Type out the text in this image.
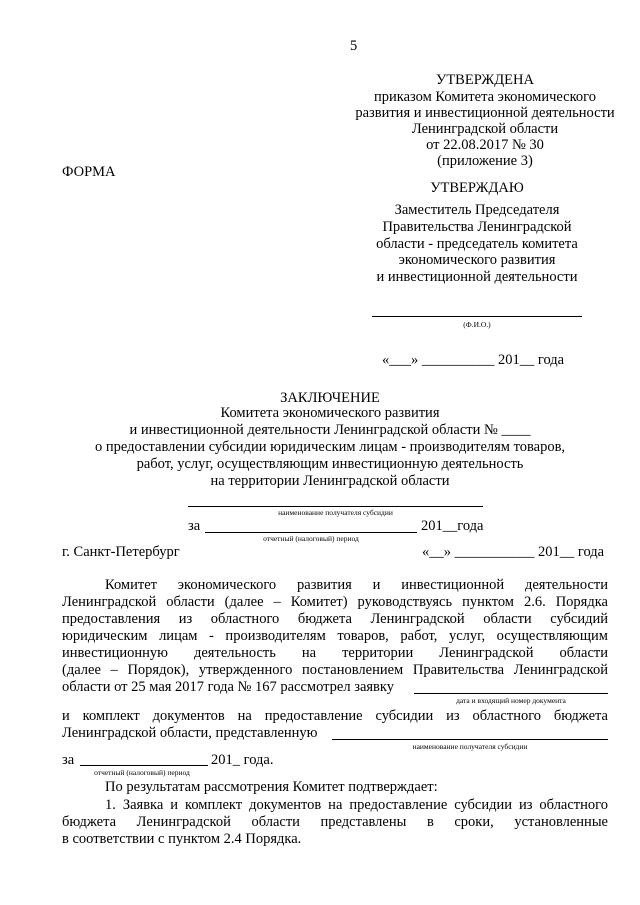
5
УТВЕРЖДЕНА
приказом Комитета экономического
развития и инвестиционной деятельности
Ленинградской области
от 22.08.2017 № 30
(приложение 3)
ФОРМА
УТВЕРЖДАЮ
Заместитель Председателя
Правительства Ленинградской
области - председатель комитета
экономического развития
и инвестиционной деятельности
(Ф.И.О.)
«___» __________ 201__ года
ЗАКЛЮЧЕНИЕ
Комитета экономического развития
и инвестиционной деятельности Ленинградской области № ____
о предоставлении субсидии юридическим лицам - производителям товаров,
работ, услуг, осуществляющим инвестиционную деятельность
на территории Ленинградской области
наименование получателя субсидии
за	201__года
отчетный (налоговый) период
г. Санкт-Петербург	«__» ___________ 201__ года
Комитет экономического развития и инвестиционной деятельности
Ленинградской области (далее – Комитет) руководствуясь пунктом 2.6. Порядка
предоставления из областного бюджета Ленинградской области субсидий
юридическим лицам - производителям товаров, работ, услуг, осуществляющим
инвестиционную деятельность на территории Ленинградской области
(далее – Порядок), утвержденного постановлением Правительства Ленинградской
области от 25 мая 2017 года № 167 рассмотрел заявку
дата и входящий номер документа
и комплект документов на предоставление субсидии из областного бюджета
Ленинградской области, представленную
наименование получателя субсидии
за	201_ года.
отчетный (налоговый) период
По результатам рассмотрения Комитет подтверждает:
1. Заявка и комплект документов на предоставление субсидии из областного
бюджета Ленинградской области представлены в сроки, установленные
в соответствии с пунктом 2.4 Порядка.
